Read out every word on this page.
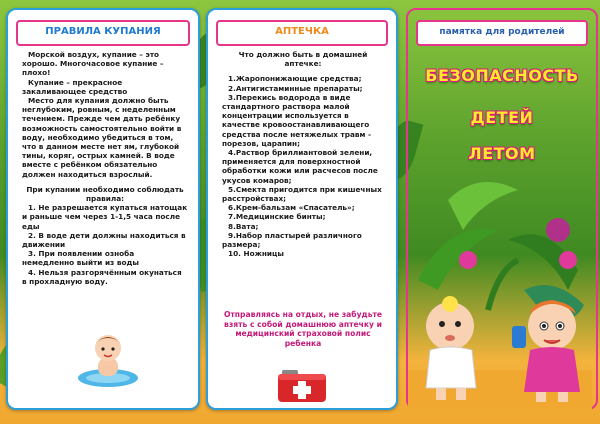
ПРАВИЛА КУПАНИЯ

Морской воздух, купание – это хорошо. Многочасовое купание – плохо!

Купание – прекрасное закаливающее средство

Место для купания должно быть неглубоким, ровным, с неделенным течением. Прежде чем дать ребёнку возможность самостоятельно войти в воду, необходимо убедиться в том, что в данном месте нет ям, глубокой тины, коряг, острых камней. В воде вместе с ребёнком обязательно должен находиться взрослый.

При купании необходимо соблюдать правила:

1. Не разрешается купаться натощак и раньше чем через 1-1,5 часа после еды

2. В воде дети должны находиться в движении

3. При появлении озноба немедленно выйти из воды

4. Нельзя разгорячённым окунаться в прохладную воду.

АПТЕЧКА

Что должно быть в домашней аптечке:

1.Жаропонижающие средства;

2.Антигистаминные препараты;

3.Перекись водорода в виде стандартного раствора малой концентрации используется в качестве кровоостанавливающего средства после нетяжелых травм - порезов, царапин;

4.Раствор бриллиантовой зелени, применяется для поверхностной обработки кожи или расчесов после укусов комаров;

5.Смекта пригодится при кишечных расстройствах;

6.Крем-бальзам «Спасатель»;

7.Медицинские бинты;

8.Вата;

9.Набор пластырей различного размера;

10. Ножницы

Отправляясь на отдых, не забудьте взять с собой домашнюю аптечку и медицинский страховой полис ребенка
памятка для родителей
БЕЗОПАСНОСТЬ
ДЕТЕЙ
ЛЕТОМ
